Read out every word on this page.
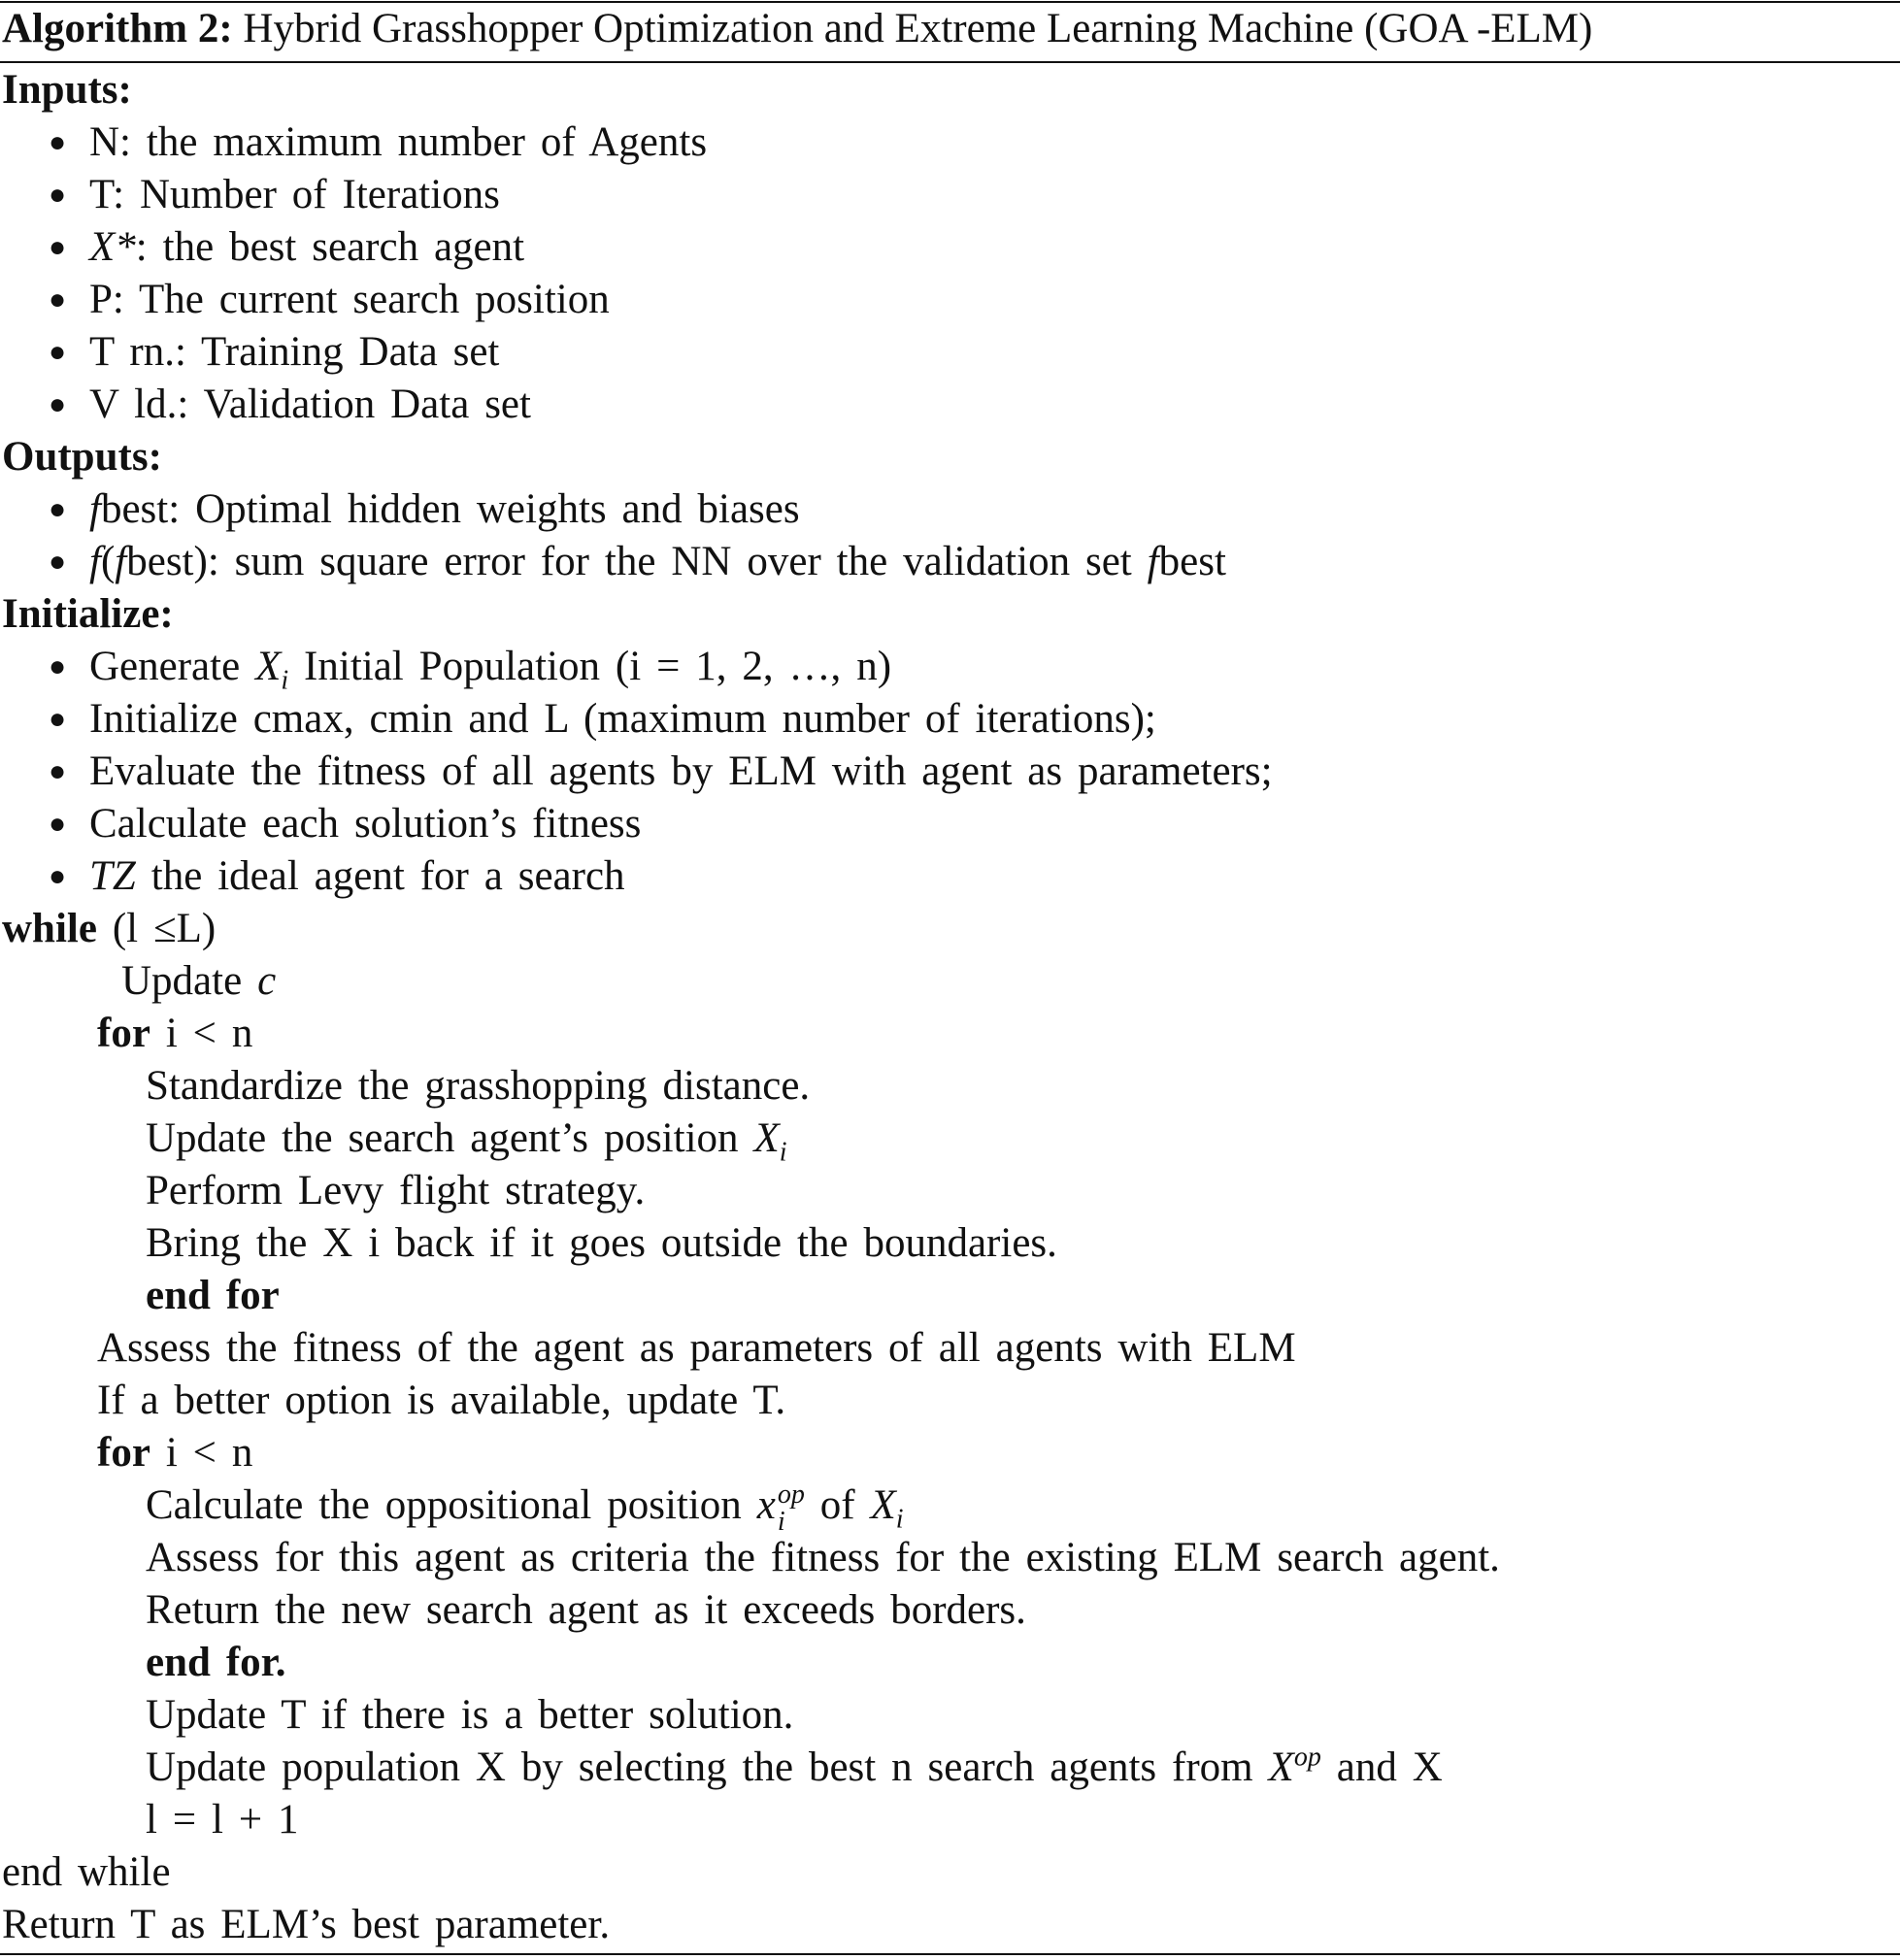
Algorithm 2: Hybrid Grasshopper Optimization and Extreme Learning Machine (GOA -ELM)
Inputs:
● N: the maximum number of Agents
● T: Number of Iterations
● X*: the best search agent
● P: The current search position
● T rn.: Training Data set
● V ld.: Validation Data set
Outputs:
● fbest: Optimal hidden weights and biases
● f(fbest): sum square error for the NN over the validation set fbest
Initialize:
● Generate $X_i$ Initial Population (i = 1, 2, …, n)
● Initialize cmax, cmin and L (maximum number of iterations);
● Evaluate the fitness of all agents by ELM with agent as parameters;
● Calculate each solution’s fitness
● TZ the ideal agent for a search
while (l ≤L)
Update c
for i < n
Standardize the grasshopping distance.
Update the search agent’s position $X_i$
Perform Levy flight strategy.
Bring the X i back if it goes outside the boundaries.
end for
Assess the fitness of the agent as parameters of all agents with ELM
If a better option is available, update T.
for i < n
Calculate the oppositional position x op
i of $X_i$
Assess for this agent as criteria the fitness for the existing ELM search agent.
Return the new search agent as it exceeds borders.
end for.
Update T if there is a better solution.
Update population X by selecting the best n search agents from $X^{op}$ and X
l = l + 1
end while
Return T as ELM’s best parameter.
